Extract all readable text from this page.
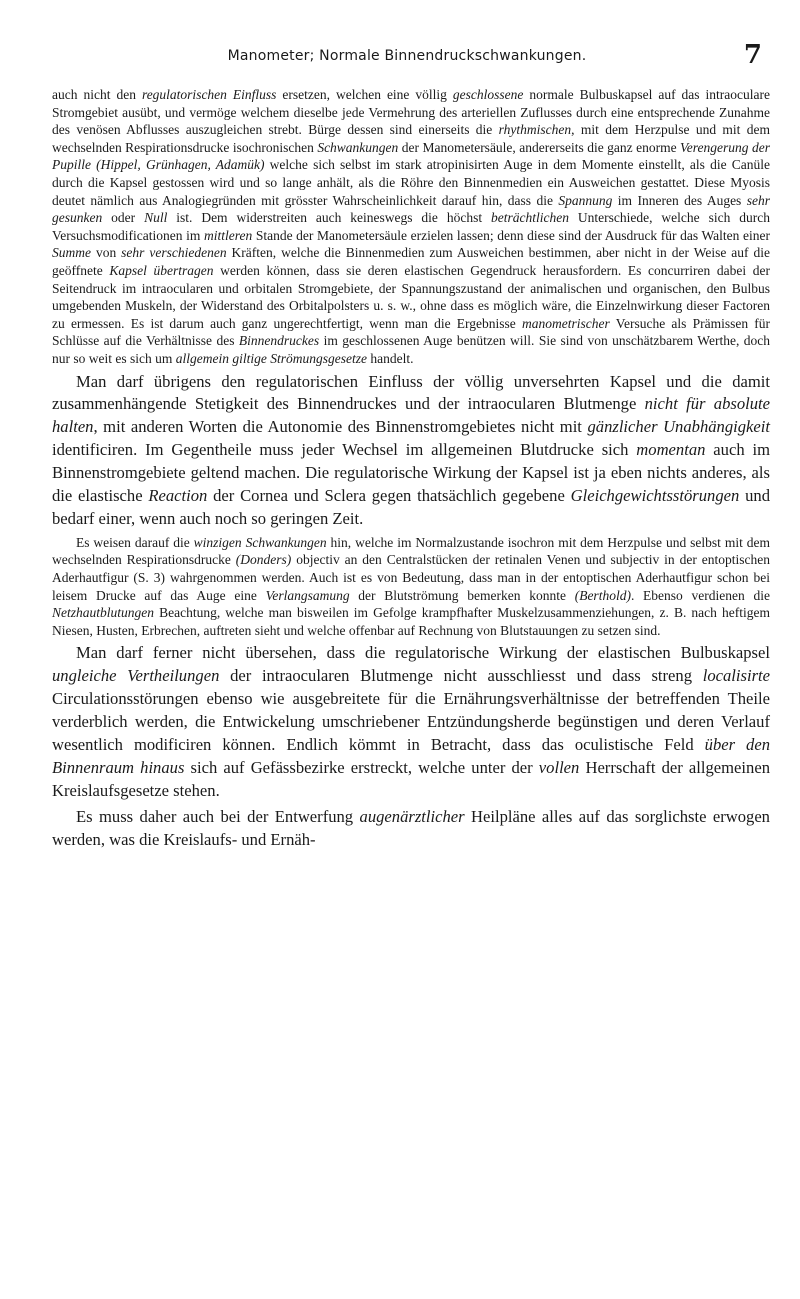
Manometer; Normale Binnendruckschwankungen.	7

auch nicht den regulatorischen Einfluss ersetzen, welchen eine völlig geschlossene normale Bulbuskapsel auf das intraoculare Stromgebiet ausübt, und vermöge welchem dieselbe jede Vermehrung des arteriellen Zuflusses durch eine entsprechende Zunahme des venösen Abflusses auszugleichen strebt. Bürge dessen sind einerseits die rhythmischen, mit dem Herzpulse und mit dem wechselnden Respirationsdrucke isochronischen Schwankungen der Manometersäule, andererseits die ganz enorme Verengerung der Pupille (Hippel, Grünhagen, Adamük) welche sich selbst im stark atropinisirten Auge in dem Momente einstellt, als die Canüle durch die Kapsel gestossen wird und so lange anhält, als die Röhre den Binnenmedien ein Ausweichen gestattet. Diese Myosis deutet nämlich aus Analogiegründen mit grösster Wahrscheinlichkeit darauf hin, dass die Spannung im Inneren des Auges sehr gesunken oder Null ist. Dem widerstreiten auch keineswegs die höchst beträchtlichen Unterschiede, welche sich durch Versuchsmodificationen im mittleren Stande der Manometersäule erzielen lassen; denn diese sind der Ausdruck für das Walten einer Summe von sehr verschiedenen Kräften, welche die Binnenmedien zum Ausweichen bestimmen, aber nicht in der Weise auf die geöffnete Kapsel übertragen werden können, dass sie deren elastischen Gegendruck herausfordern. Es concurriren dabei der Seitendruck im intraocularen und orbitalen Stromgebiete, der Spannungszustand der animalischen und organischen, den Bulbus umgebenden Muskeln, der Widerstand des Orbitalpolsters u. s. w., ohne dass es möglich wäre, die Einzelnwirkung dieser Factoren zu ermessen. Es ist darum auch ganz ungerechtfertigt, wenn man die Ergebnisse manometrischer Versuche als Prämissen für Schlüsse auf die Verhältnisse des Binnendruckes im geschlossenen Auge benützen will. Sie sind von unschätzbarem Werthe, doch nur so weit es sich um allgemein giltige Strömungsgesetze handelt.

Man darf übrigens den regulatorischen Einfluss der völlig unversehrten Kapsel und die damit zusammenhängende Stetigkeit des Binnendruckes und der intraocularen Blutmenge nicht für absolute halten, mit anderen Worten die Autonomie des Binnenstromgebietes nicht mit gänzlicher Unabhängigkeit identificiren. Im Gegentheile muss jeder Wechsel im allgemeinen Blutdrucke sich momentan auch im Binnenstromgebiete geltend machen. Die regulatorische Wirkung der Kapsel ist ja eben nichts anderes, als die elastische Reaction der Cornea und Sclera gegen thatsächlich gegebene Gleichgewichtsstörungen und bedarf einer, wenn auch noch so geringen Zeit.

Es weisen darauf die winzigen Schwankungen hin, welche im Normalzustande isochron mit dem Herzpulse und selbst mit dem wechselnden Respirationsdrucke (Donders) objectiv an den Centralstücken der retinalen Venen und subjectiv in der entoptischen Aderhautfigur (S. 3) wahrgenommen werden. Auch ist es von Bedeutung, dass man in der entoptischen Aderhautfigur schon bei leisem Drucke auf das Auge eine Verlangsamung der Blutströmung bemerken konnte (Berthold). Ebenso verdienen die Netzhautblutungen Beachtung, welche man bisweilen im Gefolge krampfhafter Muskelzusammenziehungen, z. B. nach heftigem Niesen, Husten, Erbrechen, auftreten sieht und welche offenbar auf Rechnung von Blutstauungen zu setzen sind.

Man darf ferner nicht übersehen, dass die regulatorische Wirkung der elastischen Bulbuskapsel ungleiche Vertheilungen der intraocularen Blutmenge nicht ausschliesst und dass streng localisirte Circulationsstörungen ebenso wie ausgebreitete für die Ernährungsverhältnisse der betreffenden Theile verderblich werden, die Entwickelung umschriebener Entzündungsherde begünstigen und deren Verlauf wesentlich modificiren können. Endlich kömmt in Betracht, dass das oculistische Feld über den Binnenraum hinaus sich auf Gefässbezirke erstreckt, welche unter der vollen Herrschaft der allgemeinen Kreislaufsgesetze stehen.

Es muss daher auch bei der Entwerfung augenärztlicher Heilpläne alles auf das sorglichste erwogen werden, was die Kreislaufs- und Ernäh-
